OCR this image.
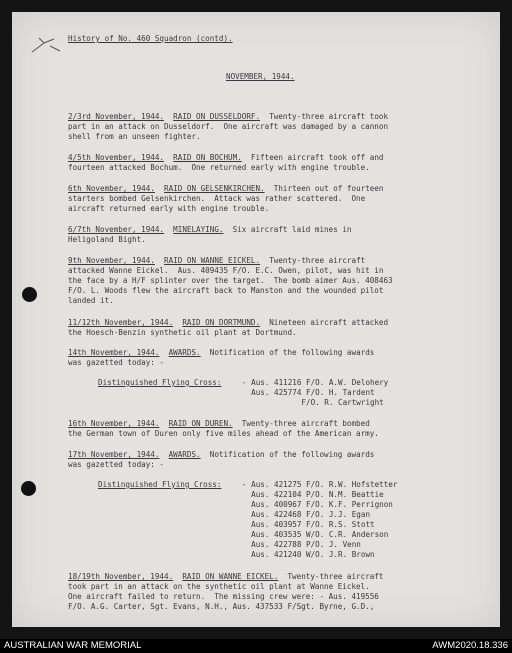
History of No. 460 Squadron (contd).

NOVEMBER, 1944.

2/3rd November, 1944. RAID ON DUSSELDORF. Twenty-three aircraft took

part in an attack on Dusseldorf.  One aircraft was damaged by a cannon

shell from an unseen fighter.

4/5th November, 1944. RAID ON BOCHUM. Fifteen aircraft took off and

fourteen attacked Bochum.  One returned early with engine trouble.

6th November, 1944. RAID ON GELSENKIRCHEN. Thirteen out of fourteen

starters bombed Gelsenkirchen.  Attack was rather scattered.  One

aircraft returned early with engine trouble.

6/7th November, 1944. MINELAYING. Six aircraft laid mines in

Heligoland Bight.

9th November, 1944. RAID ON WANNE EICKEL. Twenty-three aircraft

attacked Wanne Eickel.  Aus. 409435 F/O. E.C. Owen, pilot, was hit in

the face by a H/F splinter over the target.  The bomb aimer Aus. 408463

F/O. L. Woods flew the aircraft back to Manston and the wounded pilot

landed it.

11/12th November, 1944. RAID ON DORTMUND. Nineteen aircraft attacked

the Hoesch-Benzin synthetic oil plant at Dortmund.

14th November, 1944. AWARDS. Notification of the following awards

was gazetted today: -

Distinguished Flying Cross:	- Aus. 411216 F/O. A.W. Delohery

Aus. 425774 F/O. H. Tardent

F/O. R. Cartwright

16th November, 1944. RAID ON DUREN. Twenty-three aircraft bombed

the German town of Duren only five miles ahead of the American army.

17th November, 1944. AWARDS. Notification of the following awards

was gazetted today: -

Distinguished Flying Cross:	- Aus. 421275 F/O. R.W. Hofstetter

Aus. 422104 P/O. N.M. Beattie

Aus. 400967 F/O. K.F. Perrignon

Aus. 422468 F/O. J.J. Egan

Aus. 403957 F/O. R.S. Stott

Aus. 403535 W/O. C.R. Anderson

Aus. 422788 P/O. J. Venn

Aus. 421240 W/O. J.R. Brown

18/19th November, 1944. RAID ON WANNE EICKEL. Twenty-three aircraft

took part in an attack on the synthetic oil plant at Wanne Eickel.

One aircraft failed to return.  The missing crew were: - Aus. 419556

F/O. A.G. Carter, Sgt. Evans, N.H., Aus. 437533 F/Sgt. Byrne, G.D.,

AUSTRALIAN WAR MEMORIAL	AWM2020.18.336
